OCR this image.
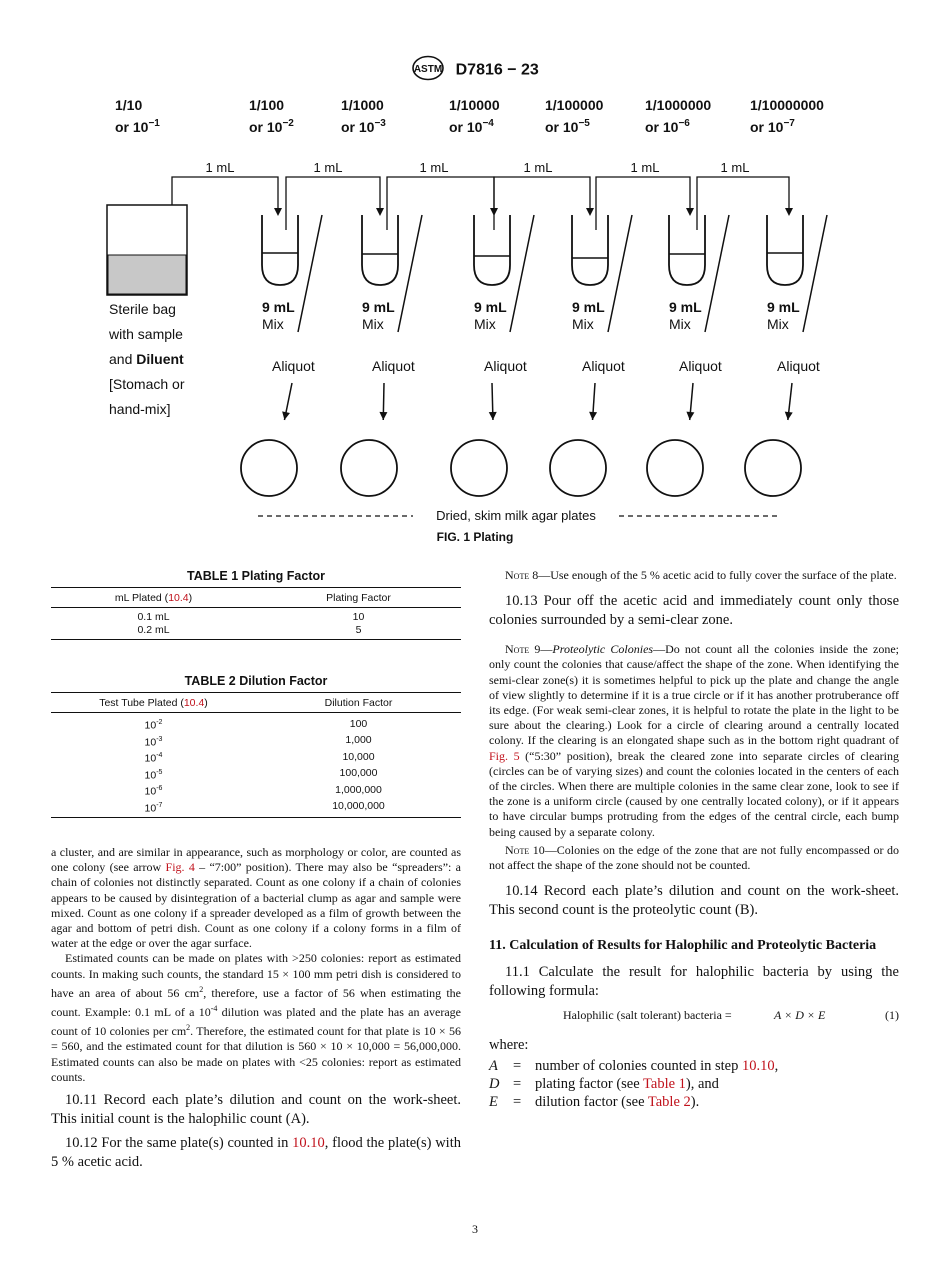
ASTM D7816 − 23
1/10
or $10^{-1}$
1/100
or $10^{-2}$
1/1000
or $10^{-3}$
1/10000
or $10^{-4}$
1/100000
or $10^{-5}$
1/1000000
or $10^{-6}$
1/10000000
or $10^{-7}$
1 mL	1 mL	1 mL	1 mL	1 mL	1 mL
Sterile bag
with sample
and Diluent
[Stomach or
hand-mix]
9 mL
Mix
Aliquot
9 mL
Mix
Aliquot
9 mL
Mix
Aliquot
9 mL
Mix
Aliquot
9 mL
Mix
Aliquot
9 mL
Mix
Aliquot
Dried, skim milk agar plates
FIG. 1 Plating
TABLE 1 Plating Factor
mL Plated (10.4)	Plating Factor
0.1 mL	10
0.2 mL	5
TABLE 2 Dilution Factor
Test Tube Plated (10.4)	Dilution Factor
$10^{-2}$	100
$10^{-3}$	1,000
$10^{-4}$	10,000
$10^{-5}$	100,000
$10^{-6}$	1,000,000
$10^{-7}$	10,000,000

a cluster, and are similar in appearance, such as morphology or color, are counted as one colony (see arrow Fig. 4 – “7:00” position). There may also be “spreaders”: a chain of colonies not distinctly separated. Count as one colony if a chain of colonies appears to be caused by disintegration of a bacterial clump as agar and sample were mixed. Count as one colony if a spreader developed as a film of growth between the agar and bottom of petri dish. Count as one colony if a colony forms in a film of water at the edge or over the agar surface.

Estimated counts can be made on plates with >250 colonies: report as estimated counts. In making such counts, the standard 15 × 100 mm petri dish is considered to have an area of about 56 $cm^2$, therefore, use a factor of 56 when estimating the count. Example: 0.1 mL of a $10^{-4}$ dilution was plated and the plate has an average count of 10 colonies per $cm^2$. Therefore, the estimated count for that plate is 10 × 56 = 560, and the estimated count for that dilution is 560 × 10 × 10,000 = 56,000,000. Estimated counts can also be made on plates with <25 colonies: report as estimated counts.

10.11 Record each plate’s dilution and count on the work-sheet. This initial count is the halophilic count (A).

10.12 For the same plate(s) counted in 10.10, flood the plate(s) with 5 % acetic acid.

Note 8—Use enough of the 5 % acetic acid to fully cover the surface of the plate.

10.13 Pour off the acetic acid and immediately count only those colonies surrounded by a semi-clear zone.

Note 9—Proteolytic Colonies—Do not count all the colonies inside the zone; only count the colonies that cause/affect the shape of the zone. When identifying the semi-clear zone(s) it is sometimes helpful to pick up the plate and change the angle of view slightly to determine if it is a true circle or if it has another protruberance off its edge. (For weak semi-clear zones, it is helpful to rotate the plate in the light to be sure about the clearing.) Look for a circle of clearing around a centrally located colony. If the clearing is an elongated shape such as in the bottom right quadrant of Fig. 5 (“5:30” position), break the cleared zone into separate circles of clearing (circles can be of varying sizes) and count the colonies located in the centers of each of the circles. When there are multiple colonies in the same clear zone, look to see if the zone is a uniform circle (caused by one centrally located colony), or if it appears to have circular bumps protruding from the edges of the central circle, each bump being caused by a separate colony.

Note 10—Colonies on the edge of the zone that are not fully encompassed or do not affect the shape of the zone should not be counted.

10.14 Record each plate’s dilution and count on the work-sheet. This second count is the proteolytic count (B).

11. Calculation of Results for Halophilic and Proteolytic Bacteria

11.1 Calculate the result for halophilic bacteria by using the following formula:

Halophilic (salt tolerant) bacteria =	A × D × E	(1)

where:

A = number of colonies counted in step 10.10,
D = plating factor (see Table 1), and
E = dilution factor (see Table 2).
3
